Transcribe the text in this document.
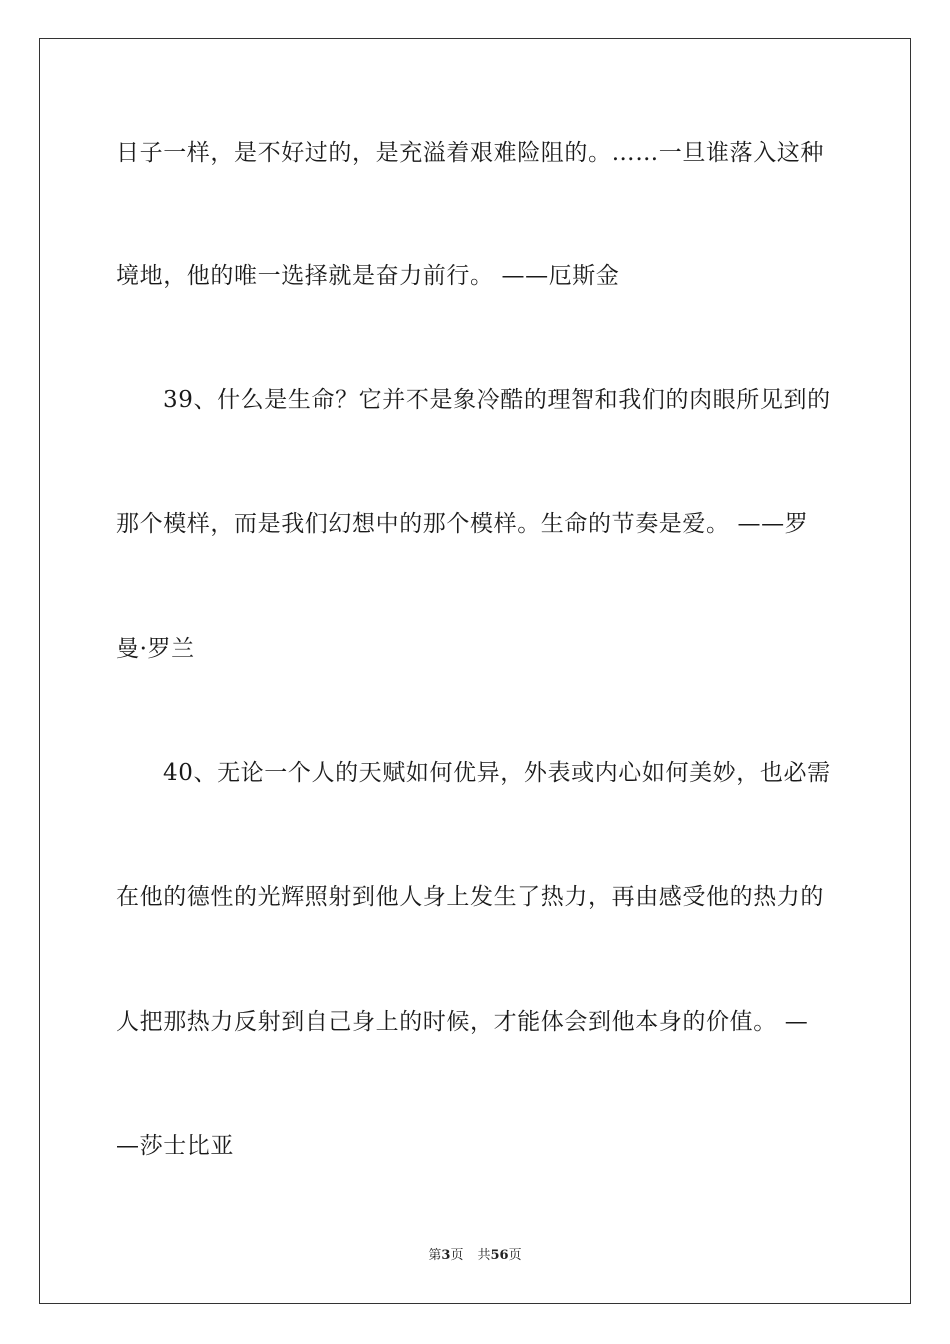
日子一样，是不好过的，是充溢着艰难险阻的。……一旦谁落入这种
境地，他的唯一选择就是奋力前行。 ——厄斯金
39、什么是生命？它并不是象冷酷的理智和我们的肉眼所见到的
那个模样，而是我们幻想中的那个模样。生命的节奏是爱。 ——罗
曼·罗兰
40、无论一个人的天赋如何优异，外表或内心如何美妙，也必需
在他的德性的光辉照射到他人身上发生了热力，再由感受他的热力的
人把那热力反射到自己身上的时候，才能体会到他本身的价值。 —
—莎士比亚
第3页 共56页
